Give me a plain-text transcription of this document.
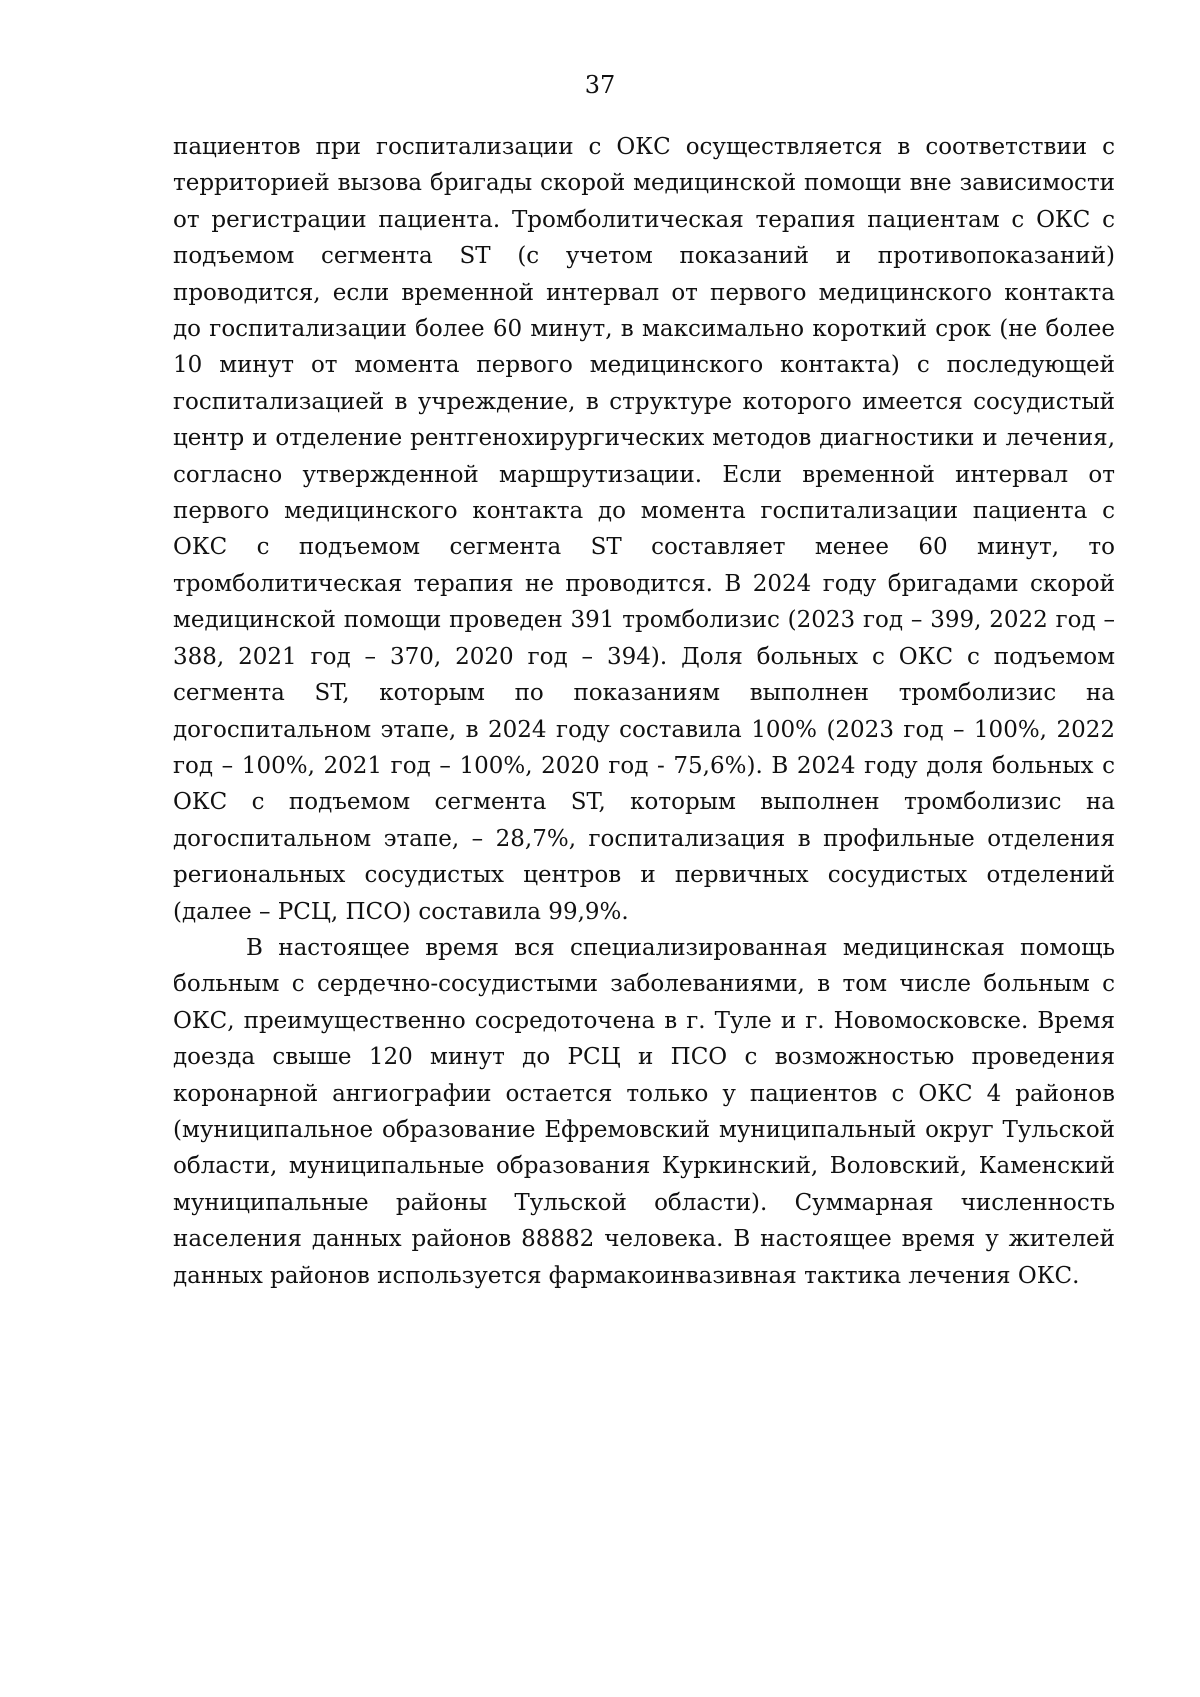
37

пациентов при госпитализации с ОКС осуществляется в соответствии с территорией вызова бригады скорой медицинской помощи вне зависимости от регистрации пациента. Тромболитическая терапия пациентам с ОКС с подъемом сегмента ST (с учетом показаний и противопоказаний) проводится, если временной интервал от первого медицинского контакта до госпитализации более 60 минут, в максимально короткий срок (не более 10 минут от момента первого медицинского контакта) с последующей госпитализацией в учреждение, в структуре которого имеется сосудистый центр и отделение рентгенохирургических методов диагностики и лечения, согласно утвержденной маршрутизации. Если временной интервал от первого медицинского контакта до момента госпитализации пациента с ОКС с подъемом сегмента ST составляет менее 60 минут, то тромболитическая терапия не проводится. В 2024 году бригадами скорой медицинской помощи проведен 391 тромболизис (2023 год – 399, 2022 год – 388, 2021 год – 370, 2020 год – 394). Доля больных с ОКС с подъемом сегмента ST, которым по показаниям выполнен тромболизис на догоспитальном этапе, в 2024 году составила 100% (2023 год – 100%, 2022 год – 100%, 2021 год – 100%, 2020 год - 75,6%). В 2024 году доля больных с ОКС с подъемом сегмента ST, которым выполнен тромболизис на догоспитальном этапе, – 28,7%, госпитализация в профильные отделения региональных сосудистых центров и первичных сосудистых отделений (далее – РСЦ, ПСО) составила 99,9%.

В настоящее время вся специализированная медицинская помощь больным с сердечно-сосудистыми заболеваниями, в том числе больным с ОКС, преимущественно сосредоточена в г. Туле и г. Новомосковске. Время доезда свыше 120 минут до РСЦ и ПСО с возможностью проведения коронарной ангиографии остается только у пациентов с ОКС 4 районов (муниципальное образование Ефремовский муниципальный округ Тульской области, муниципальные образования Куркинский, Воловский, Каменский муниципальные районы Тульской области). Суммарная численность населения данных районов 88882 человека. В настоящее время у жителей данных районов используется фармакоинвазивная тактика лечения ОКС.
